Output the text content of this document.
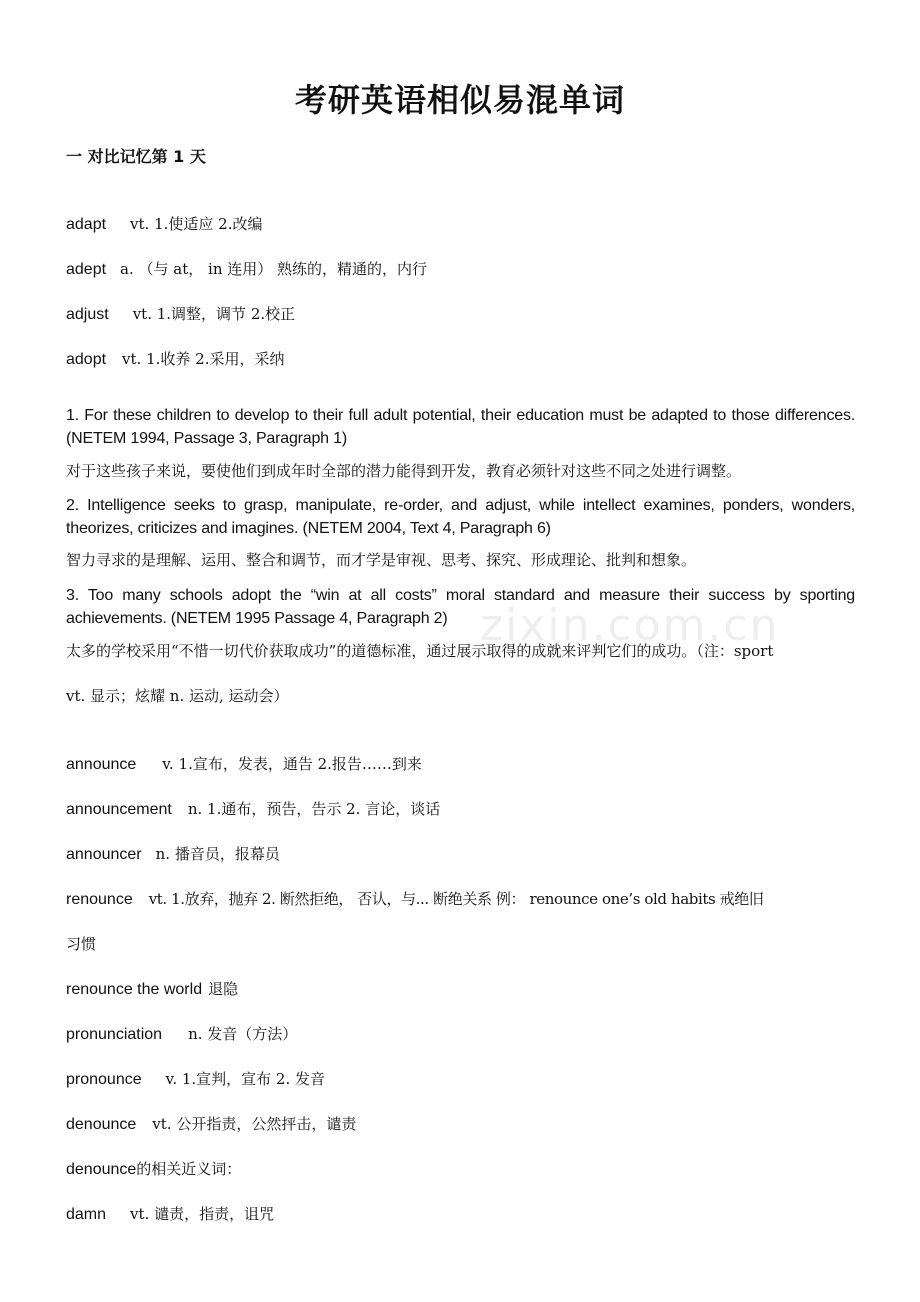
考研英语相似易混单词
一 对比记忆第 1 天
adapt vt. 1.使适应 2.改编
adept a. （与 at， in 连用） 熟练的，精通的，内行
adjust vt. 1.调整，调节 2.校正
adopt vt. 1.收养 2.采用，采纳
1. For these children to develop to their full adult potential, their education must be adapted to those differences. (NETEM 1994, Passage 3, Paragraph 1)
对于这些孩子来说，要使他们到成年时全部的潜力能得到开发，教育必须针对这些不同之处进行调整。
2. Intelligence seeks to grasp, manipulate, re-order, and adjust, while intellect examines, ponders, wonders, theorizes, criticizes and imagines. (NETEM 2004, Text 4, Paragraph 6)
智力寻求的是理解、运用、整合和调节，而才学是审视、思考、探究、形成理论、批判和想象。
3. Too many schools adopt the “win at all costs” moral standard and measure their success by sporting achievements. (NETEM 1995 Passage 4, Paragraph 2)
太多的学校采用“不惜一切代价获取成功”的道德标准，通过展示取得的成就来评判它们的成功。（注：sport
vt. 显示；炫耀 n. 运动, 运动会）
announce v. 1.宣布，发表，通告 2.报告……到来
announcement n. 1.通布，预告，告示 2. 言论，谈话
announcer n. 播音员，报幕员
renounce vt. 1.放弃，抛弃 2. 断然拒绝， 否认，与... 断绝关系 例： renounce one’s old habits 戒绝旧
习惯
renounce the world 退隐
pronunciation n. 发音（方法）
pronounce v. 1.宣判，宣布 2. 发音
denounce vt. 公开指责，公然抨击，谴责
denounce的相关近义词：
damn vt. 谴责，指责，诅咒
zixin.com.cn
